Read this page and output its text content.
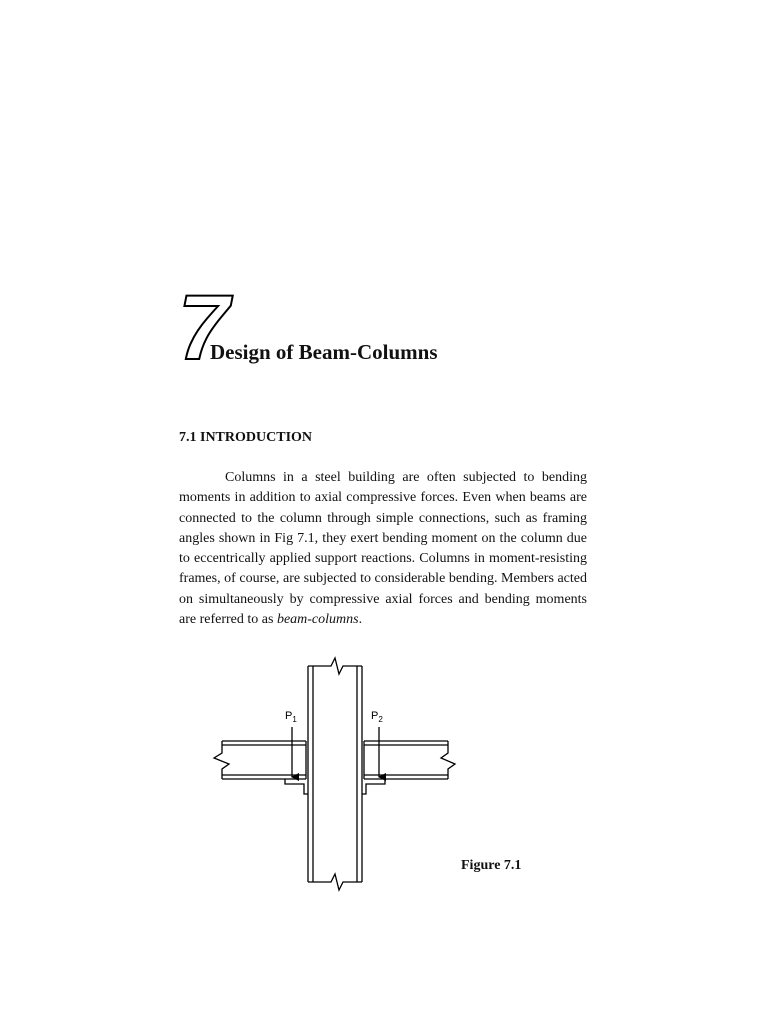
7
Design of Beam-Columns
7.1 INTRODUCTION

Columns in a steel building are often subjected to bending moments in addition to axial compressive forces. Even when beams are connected to the column through simple connections, such as framing angles shown in Fig 7.1, they exert bending moment on the column due to eccentrically applied support reactions. Columns in moment-resisting frames, of course, are subjected to considerable bending. Members acted on simultaneously by compressive axial forces and bending moments are referred to as beam-columns.

$P_1$	$P_2$
Figure 7.1
